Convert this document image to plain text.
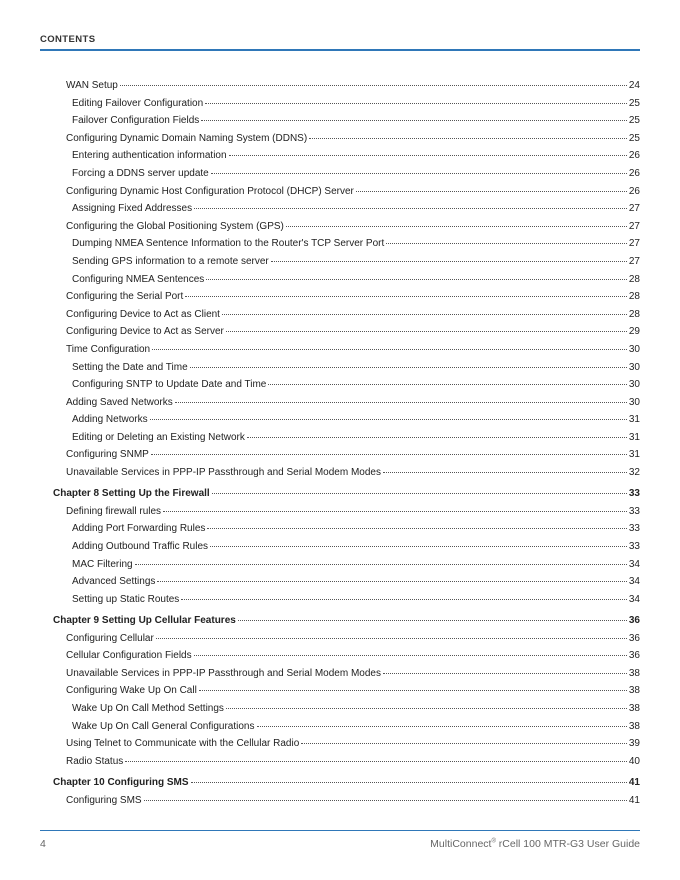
CONTENTS
WAN Setup	24
Editing Failover Configuration	25
Failover Configuration Fields	25
Configuring Dynamic Domain Naming System (DDNS)	25
Entering authentication information	26
Forcing a DDNS server update	26
Configuring Dynamic Host Configuration Protocol (DHCP) Server	26
Assigning Fixed Addresses	27
Configuring the Global Positioning System (GPS)	27
Dumping NMEA Sentence Information to the Router's TCP Server Port	27
Sending GPS information to a remote server	27
Configuring NMEA Sentences	28
Configuring the Serial Port	28
Configuring Device to Act as Client	28
Configuring Device to Act as Server	29
Time Configuration	30
Setting the Date and Time	30
Configuring SNTP to Update Date and Time	30
Adding Saved Networks	30
Adding Networks	31
Editing or Deleting an Existing Network	31
Configuring SNMP	31
Unavailable Services in PPP-IP Passthrough and Serial Modem Modes	32
Chapter 8 Setting Up the Firewall	33
Defining firewall rules	33
Adding Port Forwarding Rules	33
Adding Outbound Traffic Rules	33
MAC Filtering	34
Advanced Settings	34
Setting up Static Routes	34
Chapter 9 Setting Up Cellular Features	36
Configuring Cellular	36
Cellular Configuration Fields	36
Unavailable Services in PPP-IP Passthrough and Serial Modem Modes	38
Configuring Wake Up On Call	38
Wake Up On Call Method Settings	38
Wake Up On Call General Configurations	38
Using Telnet to Communicate with the Cellular Radio	39
Radio Status	40
Chapter 10 Configuring SMS	41
Configuring SMS	41
4	MultiConnect® rCell 100 MTR-G3 User Guide
